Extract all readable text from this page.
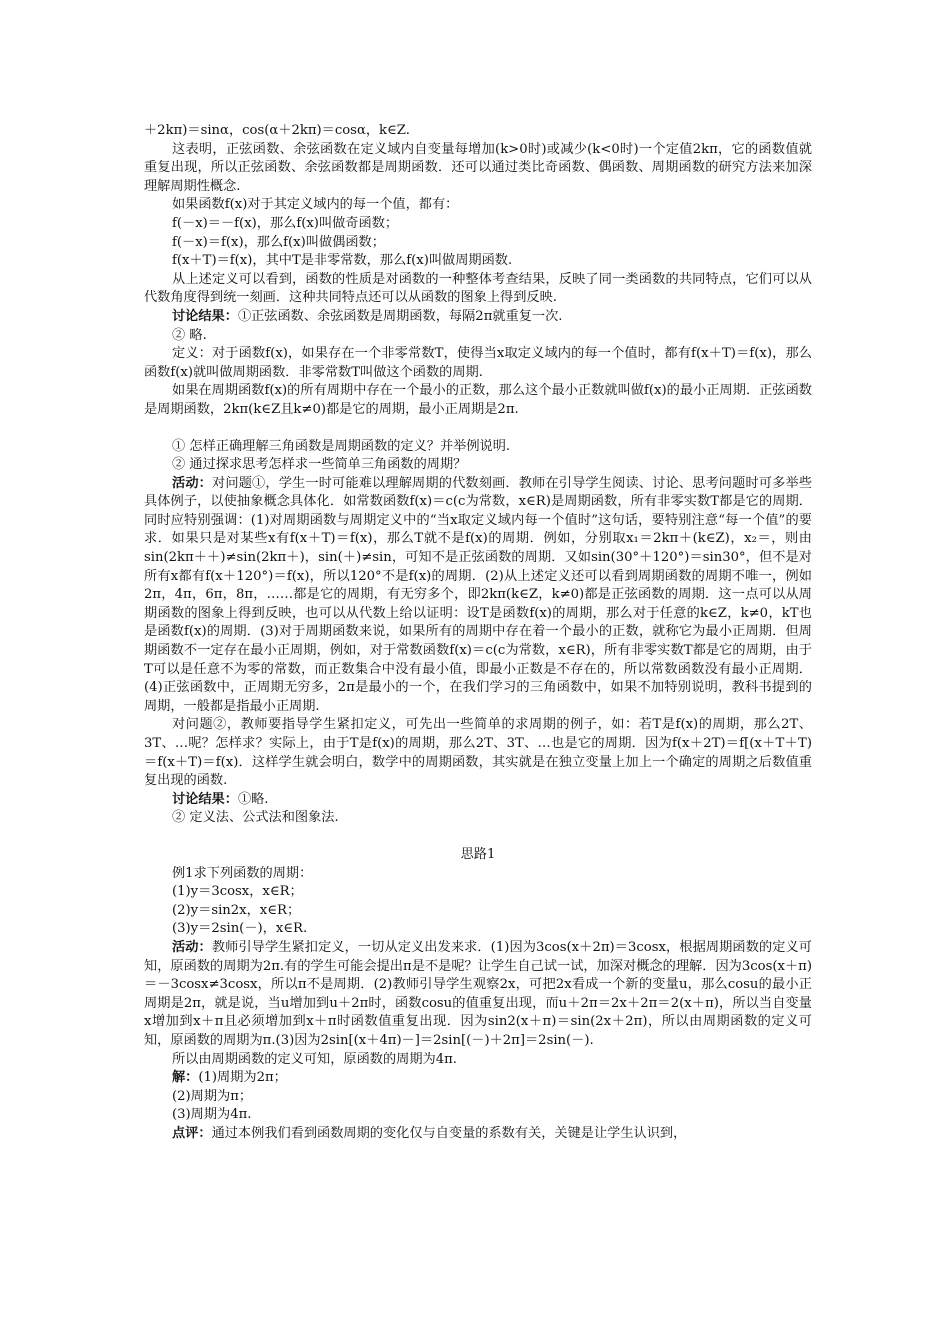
＋2kπ)＝sinα，cos(α＋2kπ)＝cosα，k∈Z.
这表明，正弦函数、余弦函数在定义域内自变量每增加(k>0时)或减少(k<0时)一个定值2kπ，它的函数值就重复出现，所以正弦函数、余弦函数都是周期函数．还可以通过类比奇函数、偶函数、周期函数的研究方法来加深理解周期性概念.
如果函数f(x)对于其定义域内的每一个值，都有：
f(－x)＝－f(x)，那么f(x)叫做奇函数；
f(－x)＝f(x)，那么f(x)叫做偶函数；
f(x＋T)＝f(x)，其中T是非零常数，那么f(x)叫做周期函数.
从上述定义可以看到，函数的性质是对函数的一种整体考查结果，反映了同一类函数的共同特点，它们可以从代数角度得到统一刻画．这种共同特点还可以从函数的图象上得到反映.
讨论结果：①正弦函数、余弦函数是周期函数，每隔2π就重复一次.
② 略.
定义：对于函数f(x)，如果存在一个非零常数T，使得当x取定义域内的每一个值时，都有f(x＋T)＝f(x)，那么函数f(x)就叫做周期函数．非零常数T叫做这个函数的周期.
如果在周期函数f(x)的所有周期中存在一个最小的正数，那么这个最小正数就叫做f(x)的最小正周期．正弦函数是周期函数，2kπ(k∈Z且k≠0)都是它的周期，最小正周期是2π.
① 怎样正确理解三角函数是周期函数的定义？并举例说明.
② 通过探求思考怎样求一些简单三角函数的周期？
活动：对问题①，学生一时可能难以理解周期的代数刻画．教师在引导学生阅读、讨论、思考问题时可多举些具体例子，以使抽象概念具体化．如常数函数f(x)＝c(c为常数，x∈R)是周期函数，所有非零实数T都是它的周期．同时应特别强调：(1)对周期函数与周期定义中的“当x取定义域内每一个值时”这句话，要特别注意“每一个值”的要求．如果只是对某些x有f(x＋T)＝f(x)，那么T就不是f(x)的周期．例如，分别取x₁＝2kπ＋(k∈Z)，x₂＝，则由sin(2kπ＋＋)≠sin(2kπ＋)，sin(＋)≠sin，可知不是正弦函数的周期．又如sin(30°＋120°)＝sin30°，但不是对所有x都有f(x＋120°)＝f(x)，所以120°不是f(x)的周期．(2)从上述定义还可以看到周期函数的周期不唯一，例如2π，4π，6π，8π，……都是它的周期，有无穷多个，即2kπ(k∈Z，k≠0)都是正弦函数的周期．这一点可以从周期函数的图象上得到反映，也可以从代数上给以证明：设T是函数f(x)的周期，那么对于任意的k∈Z，k≠0，kT也是函数f(x)的周期．(3)对于周期函数来说，如果所有的周期中存在着一个最小的正数，就称它为最小正周期．但周期函数不一定存在最小正周期，例如，对于常数函数f(x)＝c(c为常数，x∈R)，所有非零实数T都是它的周期，由于T可以是任意不为零的常数，而正数集合中没有最小值，即最小正数是不存在的，所以常数函数没有最小正周期．(4)正弦函数中，正周期无穷多，2π是最小的一个，在我们学习的三角函数中，如果不加特别说明，教科书提到的周期，一般都是指最小正周期.
对问题②，教师要指导学生紧扣定义，可先出一些简单的求周期的例子，如：若T是f(x)的周期，那么2T、3T、…呢？怎样求？实际上，由于T是f(x)的周期，那么2T、3T、…也是它的周期．因为f(x＋2T)＝f[(x＋T＋T)＝f(x＋T)＝f(x)．这样学生就会明白，数学中的周期函数，其实就是在独立变量上加上一个确定的周期之后数值重复出现的函数.
讨论结果：①略.
② 定义法、公式法和图象法.
思路1
例1求下列函数的周期：
(1)y＝3cosx，x∈R；
(2)y＝sin2x，x∈R；
(3)y＝2sin(－)，x∈R.
活动：教师引导学生紧扣定义，一切从定义出发来求．(1)因为3cos(x＋2π)＝3cosx，根据周期函数的定义可知，原函数的周期为2π.有的学生可能会提出π是不是呢？让学生自己试一试，加深对概念的理解．因为3cos(x＋π)＝－3cosx≠3cosx，所以π不是周期．(2)教师引导学生观察2x，可把2x看成一个新的变量u，那么cosu的最小正周期是2π，就是说，当u增加到u＋2π时，函数cosu的值重复出现，而u＋2π＝2x＋2π＝2(x＋π)，所以当自变量x增加到x＋π且必须增加到x＋π时函数值重复出现．因为sin2(x＋π)＝sin(2x＋2π)，所以由周期函数的定义可知，原函数的周期为π.(3)因为2sin[(x＋4π)－]＝2sin[(－)＋2π]＝2sin(－).
所以由周期函数的定义可知，原函数的周期为4π.
解：(1)周期为2π；
(2)周期为π；
(3)周期为4π.
点评：通过本例我们看到函数周期的变化仅与自变量的系数有关，关键是让学生认识到，
